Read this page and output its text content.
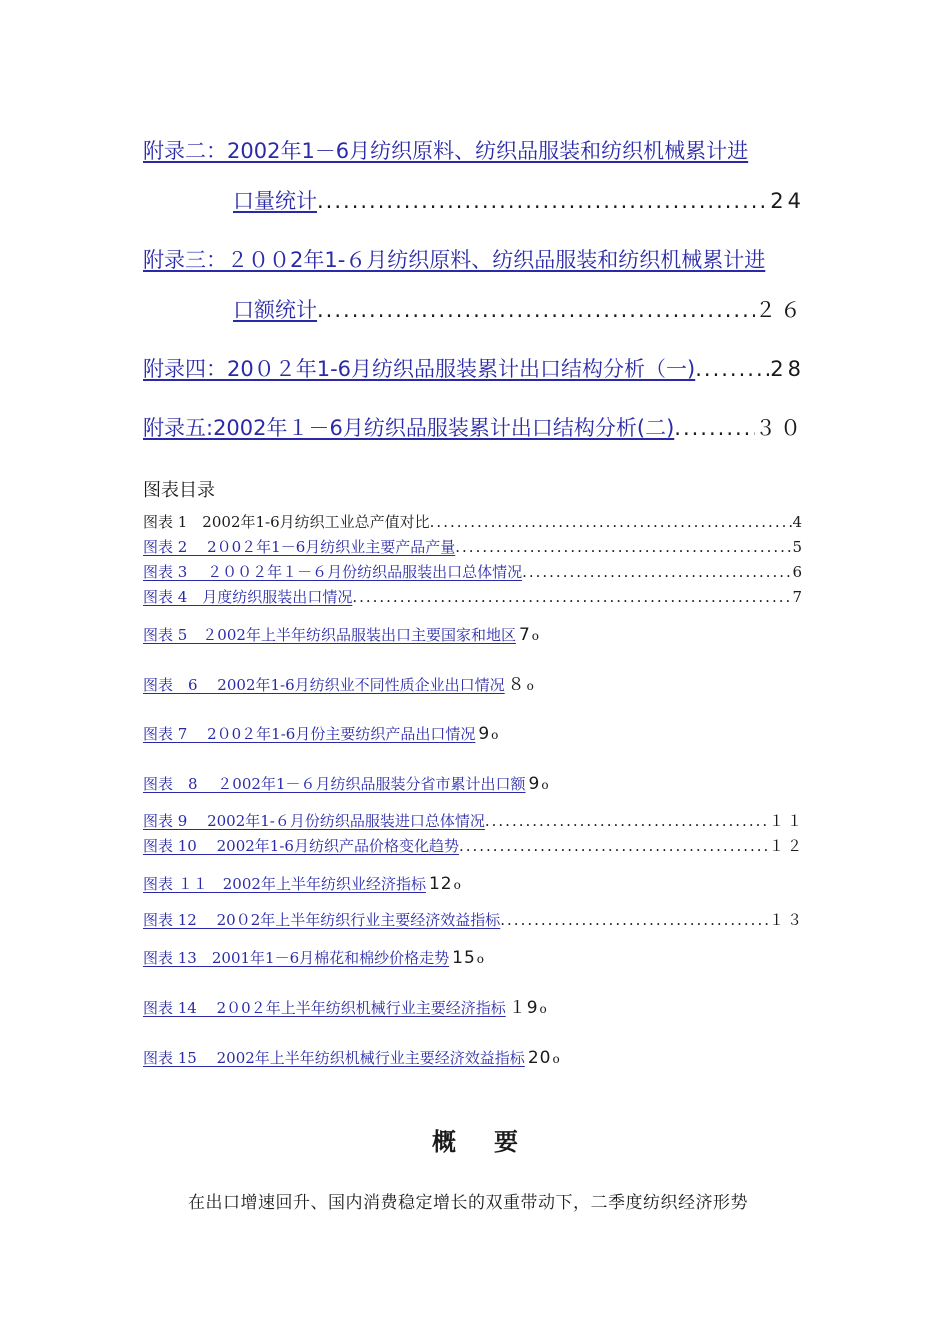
附录二：2002年1－6月纺织原料、纺织品服装和纺织机械累计进
口量统计 .....	24
附录三：２００2年1-６月纺织原料、纺织品服装和纺织机械累计进
口额统计 .....	２６
附录四：20０２年1-6月纺织品服装累计出口结构分析（一) .....	28
附录五:2002年１－6月纺织品服装累计出口结构分析(二) .....	３０
图表目录
图表 1　2002年1-6月纺织工业总产值对比 .....	4
图表 2　 2０0２年1－6月纺织业主要产品产量 .....	5
图表 3　 ２００２年１－６月份纺织品服装出口总体情况 .....	6
图表 4　月度纺织服装出口情况 .....	7
图表 5　２002年上半年纺织品服装出口主要国家和地区 7 ο
图表　6　 2002年1-6月纺织业不同性质企业出口情况 ８ ο
图表 7　 2０0２年1-6月份主要纺织产品出口情况 9 ο
图表　8　 ２002年1－６月纺织品服装分省市累计出口额 9 ο
图表 9　 2002年1-６月份纺织品服装进口总体情况 .....	１１
图表 10　 2002年1-6月纺织产品价格变化趋势 .....	１２
图表 １１　2002年上半年纺织业经济指标 12 ο
图表 12　 20０2年上半年纺织行业主要经济效益指标 .....	１３
图表 13　2001年1－6月棉花和棉纱价格走势 15 ο
图表 14　 2０0２年上半年纺织机械行业主要经济指标 １9 ο
图表 15　 2002年上半年纺织机械行业主要经济效益指标 20 ο
概要
在出口增速回升、国内消费稳定增长的双重带动下，二季度纺织经济形势
